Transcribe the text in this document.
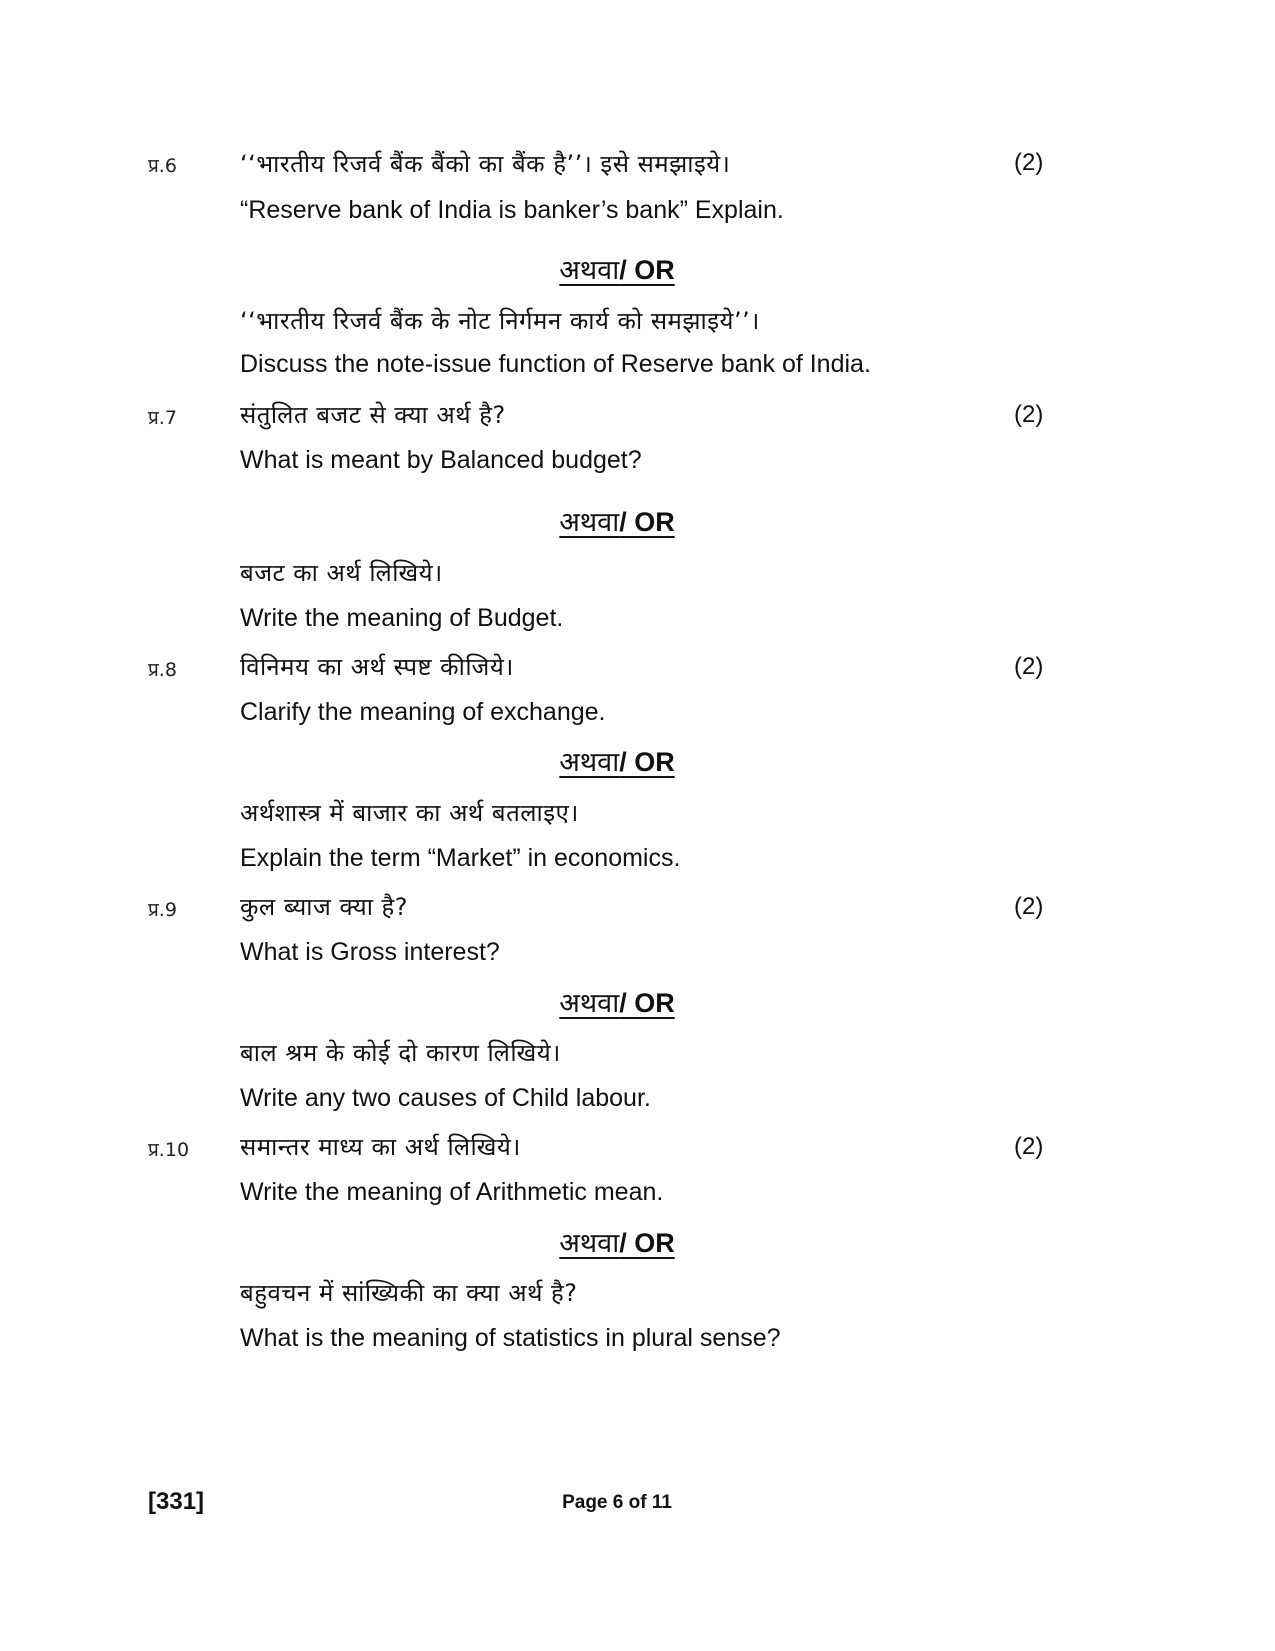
प्र.6	‘‘भारतीय रिजर्व बैंक बैंको का बैंक है’’। इसे समझाइये।	(2)
“Reserve bank of India is banker’s bank” Explain.
अथवा/ OR
‘‘भारतीय रिजर्व बैंक के नोट निर्गमन कार्य को समझाइये’’।
Discuss the note-issue function of Reserve bank of India.
प्र.7	संतुलित बजट से क्या अर्थ है?	(2)
What is meant by Balanced budget?
अथवा/ OR
बजट का अर्थ लिखिये।
Write the meaning of Budget.
प्र.8	विनिमय का अर्थ स्पष्ट कीजिये।	(2)
Clarify the meaning of exchange.
अथवा/ OR
अर्थशास्त्र में बाजार का अर्थ बतलाइए।
Explain the term “Market” in economics.
प्र.9	कुल ब्याज क्या है?	(2)
What is Gross interest?
अथवा/ OR
बाल श्रम के कोई दो कारण लिखिये।
Write any two causes of Child labour.
प्र.10 समान्तर माध्य का अर्थ लिखिये।	(2)
Write the meaning of Arithmetic mean.
अथवा/ OR
बहुवचन में सांख्यिकी का क्या अर्थ है?
What is the meaning of statistics in plural sense?
[331]	Page 6 of 11
